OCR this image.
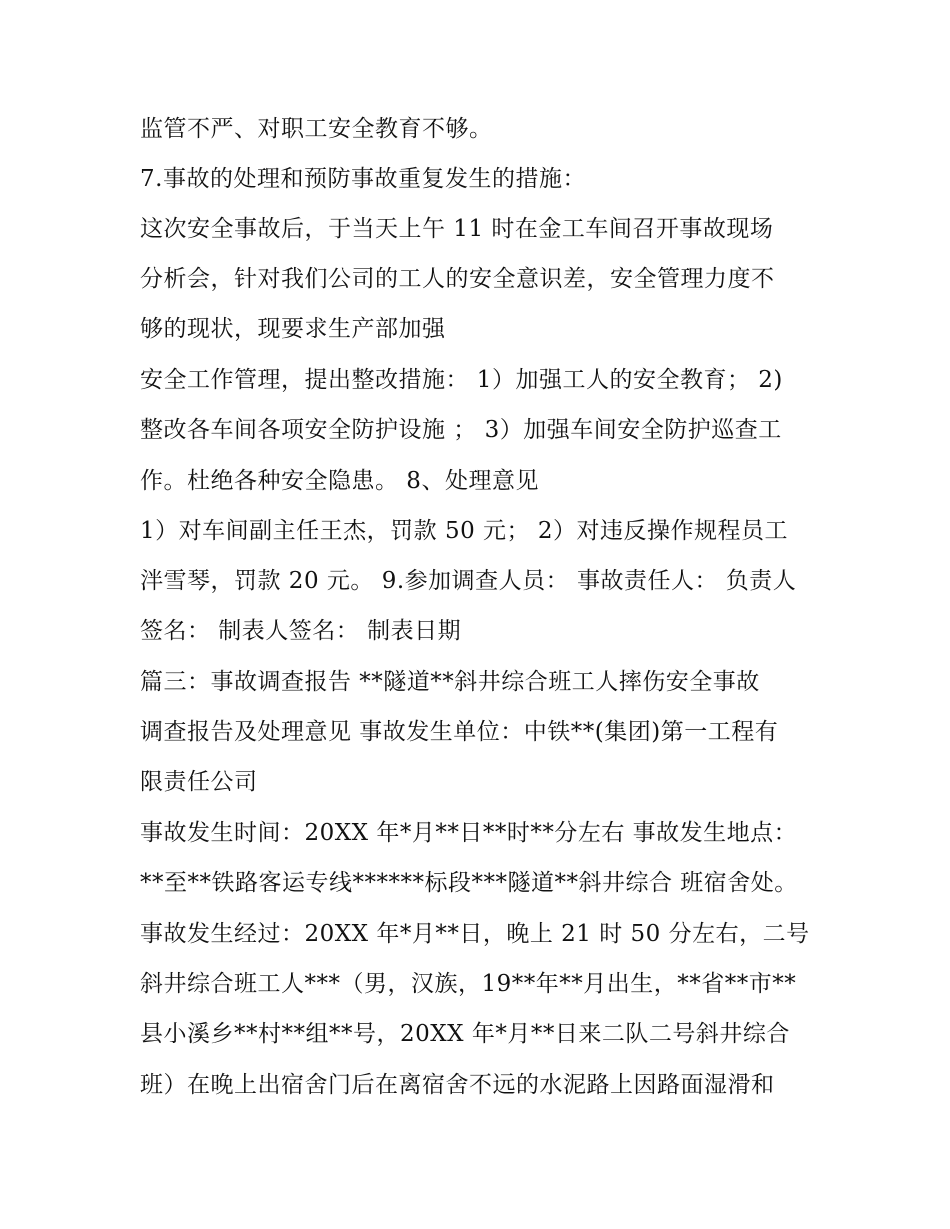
监管不严、对职工安全教育不够。
7.事故的处理和预防事故重复发生的措施：
这次安全事故后，于当天上午 11 时在金工车间召开事故现场
分析会，针对我们公司的工人的安全意识差，安全管理力度不
够的现状，现要求生产部加强
安全工作管理，提出整改措施： 1）加强工人的安全教育； 2)
整改各车间各项安全防护设施 ； 3）加强车间安全防护巡查工
作。杜绝各种安全隐患。 8、处理意见
1）对车间副主任王杰，罚款 50 元； 2）对违反操作规程员工
泮雪琴，罚款 20 元。 9.参加调查人员： 事故责任人： 负责人
签名： 制表人签名： 制表日期
篇三：事故调查报告 **隧道**斜井综合班工人摔伤安全事故
调查报告及处理意见 事故发生单位：中铁**(集团)第一工程有
限责任公司
事故发生时间：20XX 年*月**日**时**分左右 事故发生地点：
**至**铁路客运专线******标段***隧道**斜井综合 班宿舍处。
事故发生经过：20XX 年*月**日，晚上 21 时 50 分左右，二号
斜井综合班工人***（男，汉族，19**年**月出生，**省**市**
县小溪乡**村**组**号，20XX 年*月**日来二队二号斜井综合
班）在晚上出宿舍门后在离宿舍不远的水泥路上因路面湿滑和
